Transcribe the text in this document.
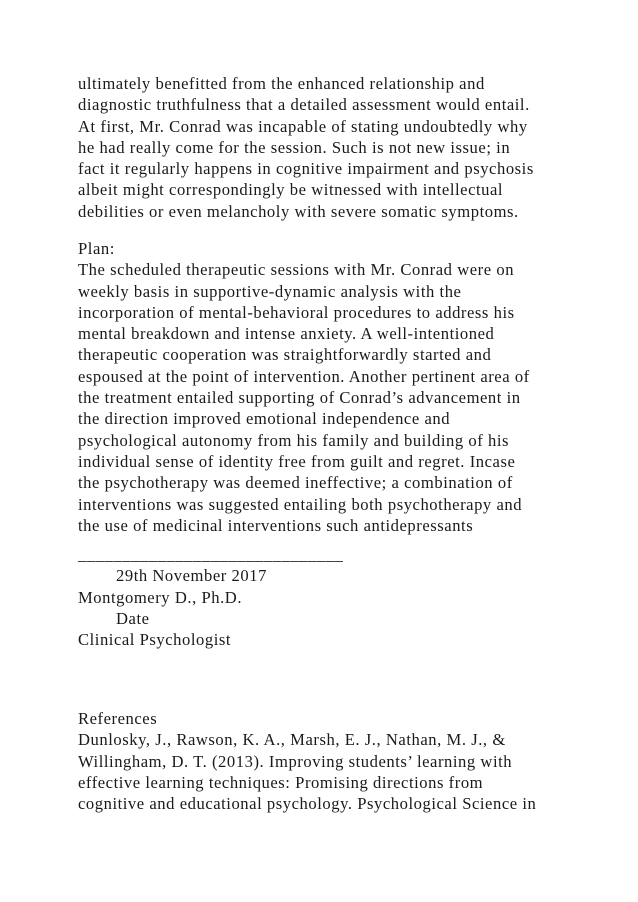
ultimately benefitted from the enhanced relationship and
diagnostic truthfulness that a detailed assessment would entail.
At first, Mr. Conrad was incapable of stating undoubtedly why
he had really come for the session. Such is not new issue; in
fact it regularly happens in cognitive impairment and psychosis
albeit might correspondingly be witnessed with intellectual
debilities or even melancholy with severe somatic symptoms.
Plan:
The scheduled therapeutic sessions with Mr. Conrad were on
weekly basis in supportive-dynamic analysis with the
incorporation of mental-behavioral procedures to address his
mental breakdown and intense anxiety. A well-intentioned
therapeutic cooperation was straightforwardly started and
espoused at the point of intervention. Another pertinent area of
the treatment entailed supporting of Conrad’s advancement in
the direction improved emotional independence and
psychological autonomy from his family and building of his
individual sense of identity free from guilt and regret. Incase
the psychotherapy was deemed ineffective; a combination of
interventions was suggested entailing both psychotherapy and
the use of medicinal interventions such antidepressants
______________________________
29th November 2017
Montgomery D., Ph.D.
Date
Clinical Psychologist
References
Dunlosky, J., Rawson, K. A., Marsh, E. J., Nathan, M. J., &
Willingham, D. T. (2013). Improving students’ learning with
effective learning techniques: Promising directions from
cognitive and educational psychology. Psychological Science in
